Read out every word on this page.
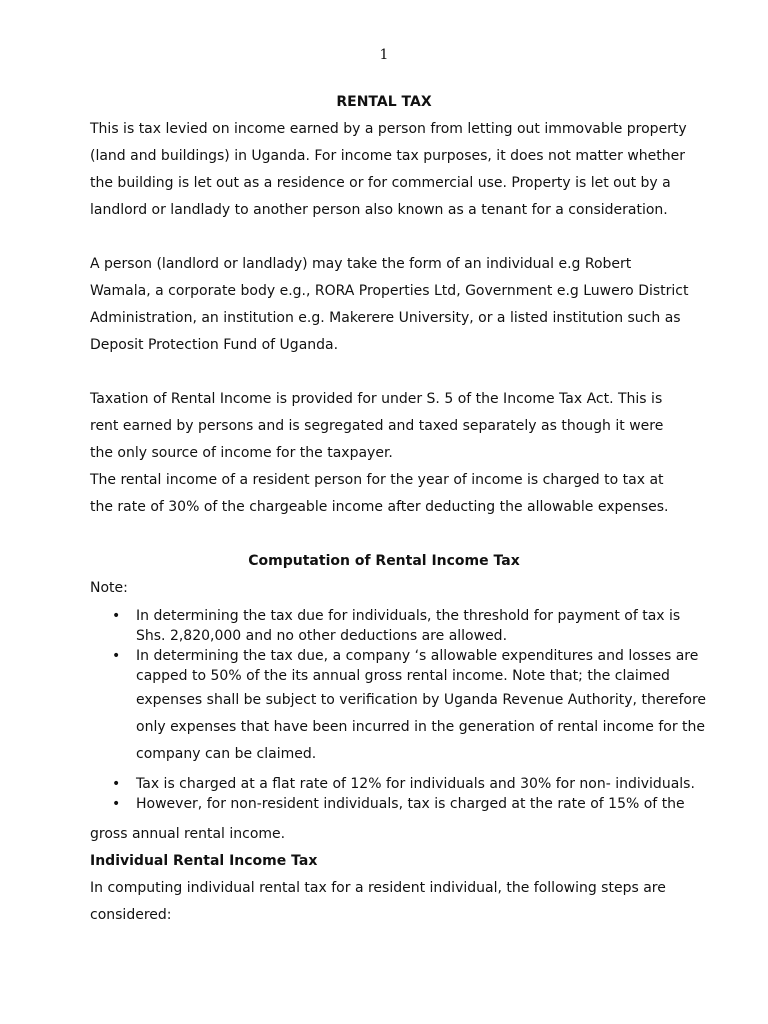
1
RENTAL TAX
This is tax levied on income earned by a person from letting out immovable property
(land and buildings) in Uganda. For income tax purposes, it does not matter whether
the building is let out as a residence or for commercial use. Property is let out by a
landlord or landlady to another person also known as a tenant for a consideration.
A person (landlord or landlady) may take the form of an individual e.g Robert
Wamala, a corporate body e.g., RORA Properties Ltd, Government e.g Luwero District
Administration, an institution e.g. Makerere University, or a listed institution such as
Deposit Protection Fund of Uganda.
Taxation of Rental Income is provided for under S. 5 of the Income Tax Act. This is
rent earned by persons and is segregated and taxed separately as though it were
the only source of income for the taxpayer.
The rental income of a resident person for the year of income is charged to tax at
the rate of 30% of the chargeable income after deducting the allowable expenses.
Computation of Rental Income Tax
Note:
• In determining the tax due for individuals, the threshold for payment of tax is
Shs. 2,820,000 and no other deductions are allowed.
• In determining the tax due, a company ‘s allowable expenditures and losses are
capped to 50% of the its annual gross rental income. Note that; the claimed
expenses shall be subject to verification by Uganda Revenue Authority, therefore
only expenses that have been incurred in the generation of rental income for the
company can be claimed.
• Tax is charged at a flat rate of 12% for individuals and 30% for non- individuals.
• However, for non-resident individuals, tax is charged at the rate of 15% of the
gross annual rental income.
Individual Rental Income Tax
In computing individual rental tax for a resident individual, the following steps are
considered:
